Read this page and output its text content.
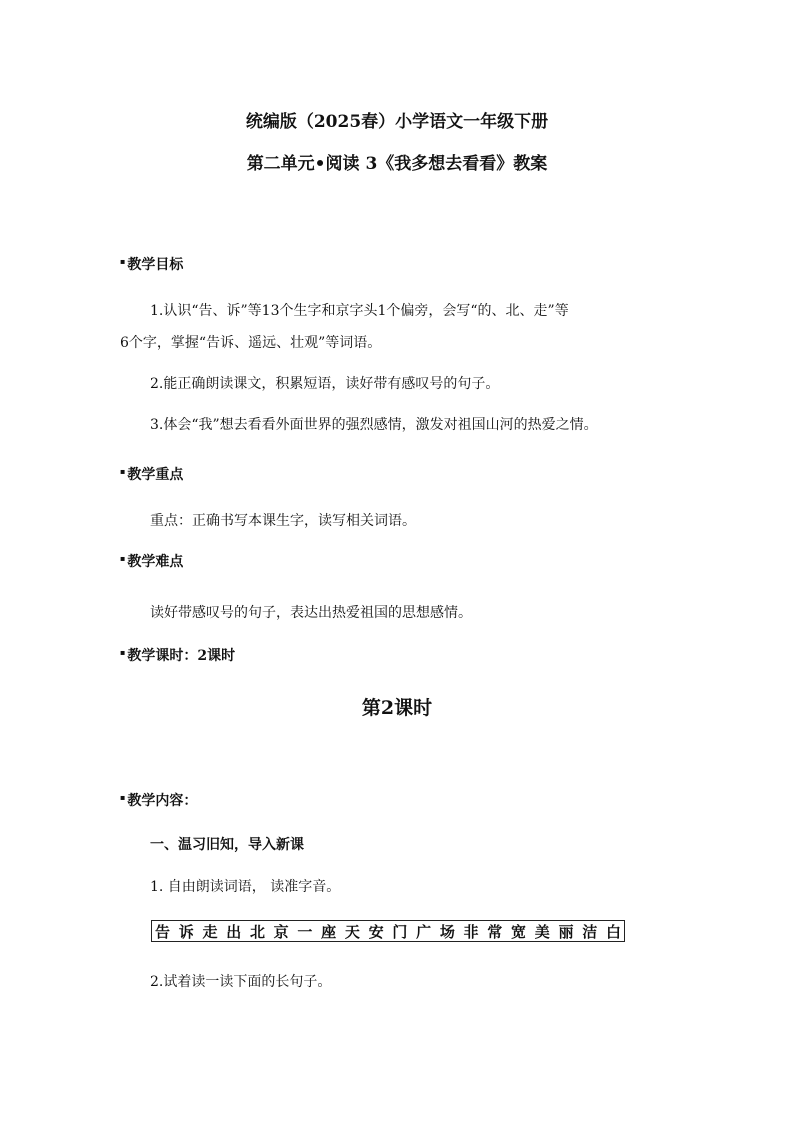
统编版（2025春）小学语文一年级下册
第二单元•阅读 3《我多想去看看》教案
▪ 教学目标
1.认识“告、诉”等13个生字和京字头1个偏旁，会写“的、北、走”等
6个字，掌握“告诉、遥远、壮观”等词语。
2.能正确朗读课文，积累短语，读好带有感叹号的句子。
3.体会“我”想去看看外面世界的强烈感情，激发对祖国山河的热爱之情。
▪ 教学重点
重点：正确书写本课生字，读写相关词语。
▪ 教学难点
读好带感叹号的句子，表达出热爱祖国的思想感情。
▪ 教学课时：2课时
第2课时
▪ 教学内容：
一、温习旧知，导入新课
1. 自由朗读词语， 读准字音。
告 诉 走 出 北 京 一 座 天 安 门 广 场 非 常 宽 美 丽 洁 白
2.试着读一读下面的长句子。
